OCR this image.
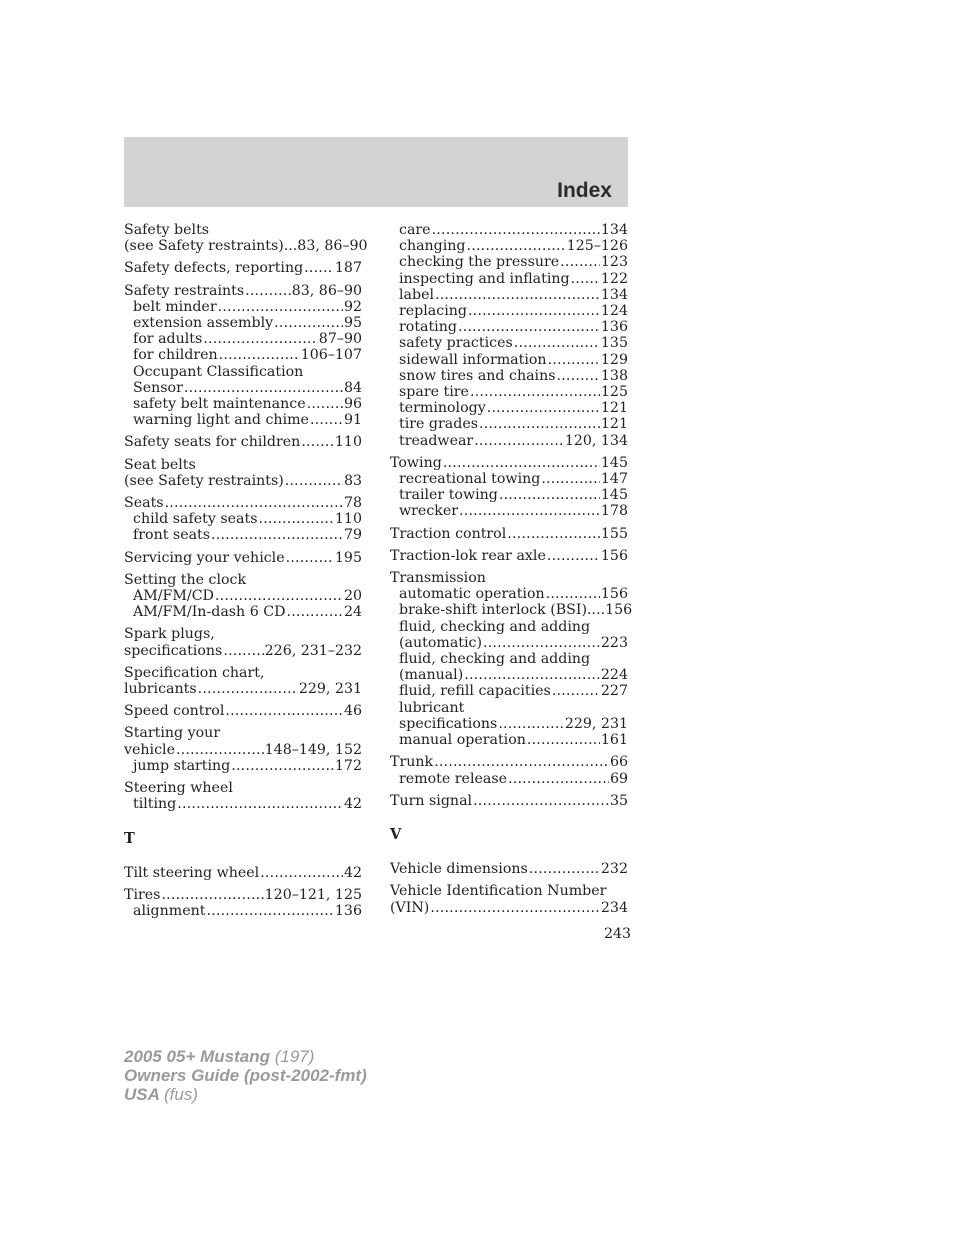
Index
Safety belts
(see Safety restraints) ...83, 86–90
Safety defects, reporting ..... 187
Safety restraints .....	83, 86–90
belt minder .....	92
extension assembly .....	95
for adults .....	87–90
for children .....	106–107
Occupant Classification
Sensor .....	84
safety belt maintenance .....	96
warning light and chime ..... 91
Safety seats for children ..... 110
Seat belts
(see Safety restraints) .....	83
Seats .....	78
child safety seats .....	110
front seats .....	79
Servicing your vehicle .....	195
Setting the clock
AM/FM/CD .....	20
AM/FM/In-dash 6 CD .....	24
Spark plugs,
specifications .....	226, 231–232
Specification chart,
lubricants .....	229, 231
Speed control .....	46
Starting your
vehicle .....	148–149, 152
jump starting .....	172
Steering wheel
tilting .....	42
T
Tilt steering wheel .....	42
Tires .....	120–121, 125
alignment .....	136
care .....	134
changing .....	125–126
checking the pressure .....	123
inspecting and inflating ..... 122
label .....	134
replacing .....	124
rotating .....	136
safety practices .....	135
sidewall information .....	129
snow tires and chains .....	138
spare tire .....	125
terminology .....	121
tire grades .....	121
treadwear .....	120, 134
Towing .....	145
recreational towing .....	147
trailer towing .....	145
wrecker .....	178
Traction control .....	155
Traction-lok rear axle .....	156
Transmission
automatic operation .....	156
brake-shift interlock (BSI) ....156
fluid, checking and adding
(automatic) .....	223
fluid, checking and adding
(manual) .....	224
fluid, refill capacities .....	227
lubricant
specifications .....	229, 231
manual operation .....	161
Trunk .....	66
remote release .....	69
Turn signal .....	35
V
Vehicle dimensions .....	232
Vehicle Identification Number
(VIN) .....	234
243
2005 05+ Mustang (197)
Owners Guide (post-2002-fmt)
USA (fus)
